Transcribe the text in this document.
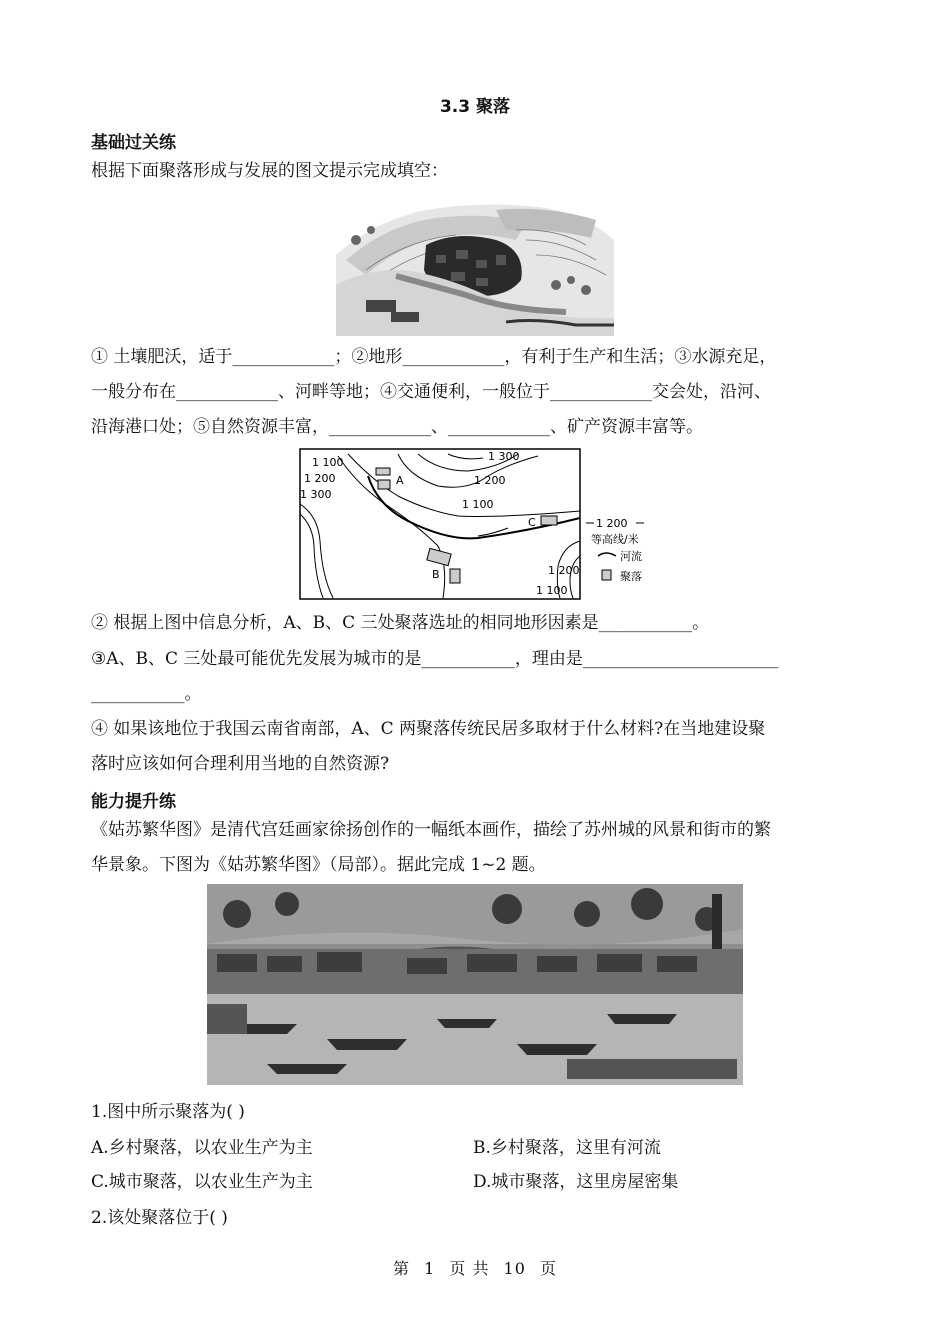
3.3 聚落
基础过关练
根据下面聚落形成与发展的图文提示完成填空：
① 土壤肥沃，适于____________；②地形____________，有利于生产和生活；③水源充足，
一般分布在____________、河畔等地；④交通便利，一般位于____________交会处，沿河、
沿海港口处；⑤自然资源丰富，____________、____________、矿产资源丰富等。
1 100
1 200
1 300
1 300
1 200
1 100
1 200
1 100
A
B
C	1 200
等高线/米
河流
聚落
② 根据上图中信息分析，A、B、C 三处聚落选址的相同地形因素是___________。
③A、B、C 三处最可能优先发展为城市的是___________，理由是_______________________
___________。
④ 如果该地位于我国云南省南部，A、C 两聚落传统民居多取材于什么材料?在当地建设聚
落时应该如何合理利用当地的自然资源?
能力提升练
《姑苏繁华图》是清代宫廷画家徐扬创作的一幅纸本画作，描绘了苏州城的风景和街市的繁
华景象。下图为《姑苏繁华图》（局部）。据此完成 1~2 题。
1.图中所示聚落为( )
A.乡村聚落，以农业生产为主	B.乡村聚落，这里有河流
C.城市聚落，以农业生产为主	D.城市聚落，这里房屋密集
2.该处聚落位于( )
第 1 页 共 10 页
